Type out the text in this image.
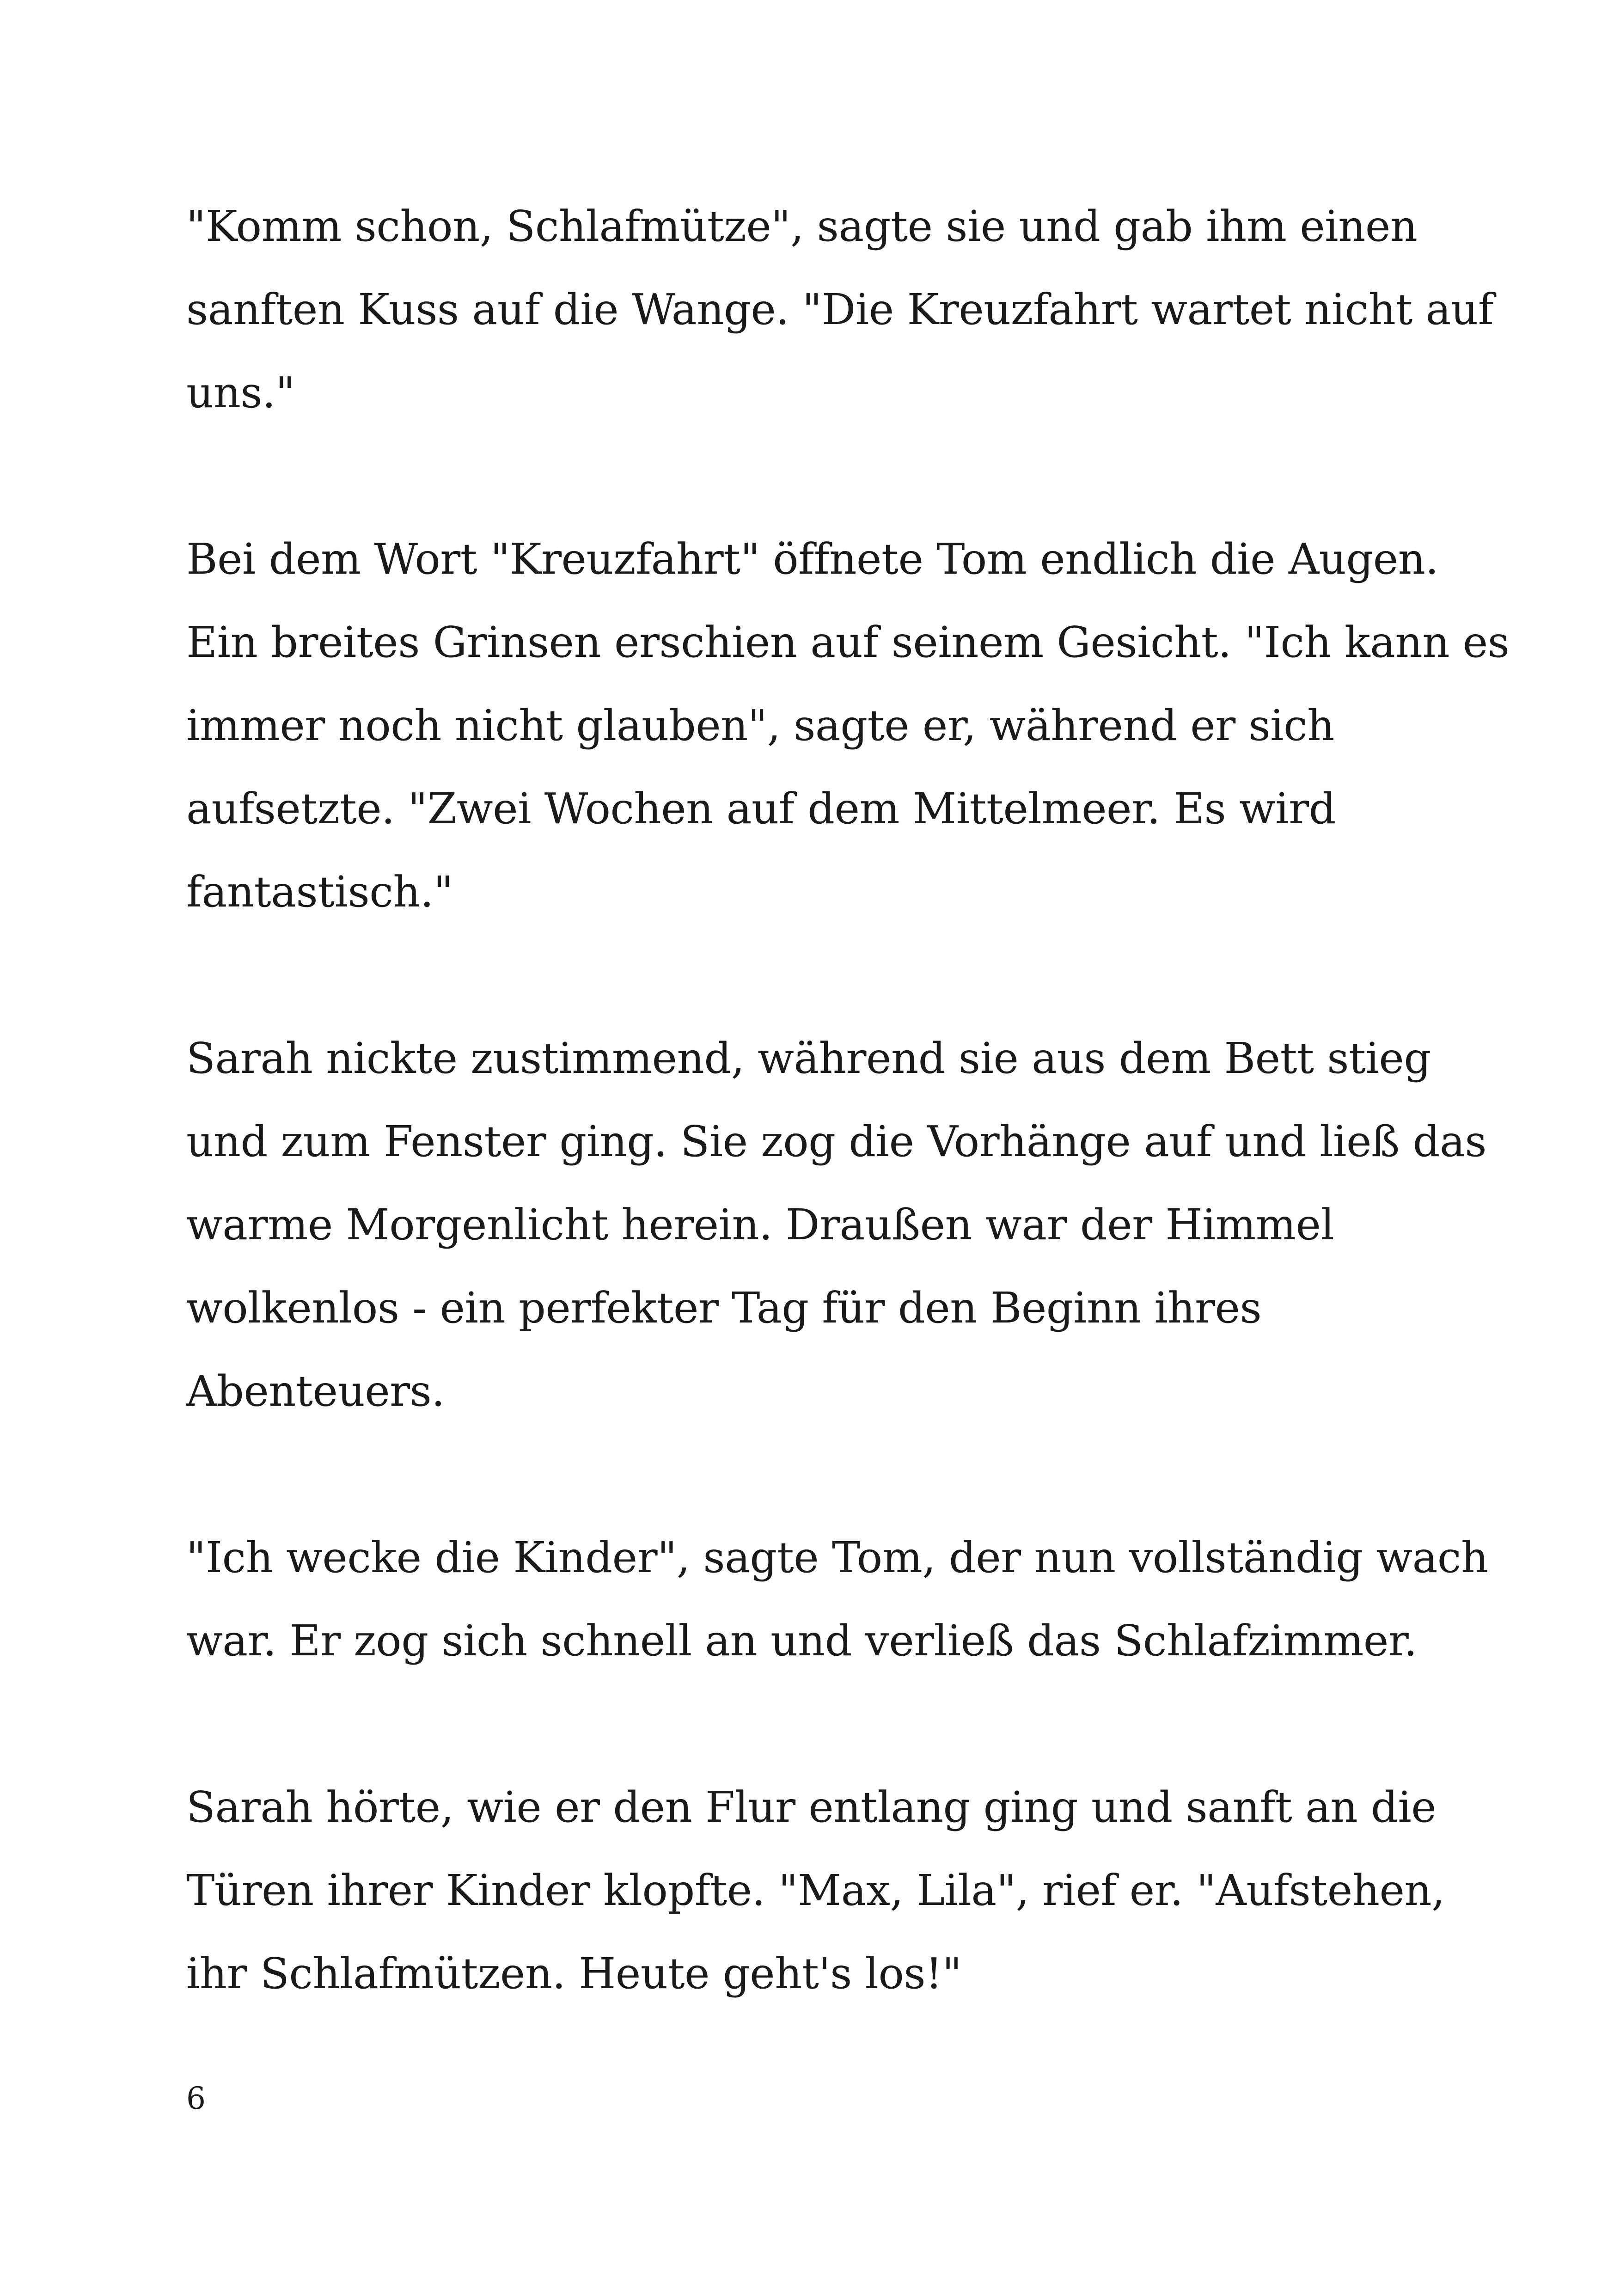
"Komm schon, Schlafmütze", sagte sie und gab ihm einen
sanften Kuss auf die Wange. "Die Kreuzfahrt wartet nicht auf
uns."

Bei dem Wort "Kreuzfahrt" öffnete Tom endlich die Augen.
Ein breites Grinsen erschien auf seinem Gesicht. "Ich kann es
immer noch nicht glauben", sagte er, während er sich
aufsetzte. "Zwei Wochen auf dem Mittelmeer. Es wird
fantastisch."

Sarah nickte zustimmend, während sie aus dem Bett stieg
und zum Fenster ging. Sie zog die Vorhänge auf und ließ das
warme Morgenlicht herein. Draußen war der Himmel
wolkenlos - ein perfekter Tag für den Beginn ihres
Abenteuers.

"Ich wecke die Kinder", sagte Tom, der nun vollständig wach
war. Er zog sich schnell an und verließ das Schlafzimmer.

Sarah hörte, wie er den Flur entlang ging und sanft an die
Türen ihrer Kinder klopfte. "Max, Lila", rief er. "Aufstehen,
ihr Schlafmützen. Heute geht's los!"

6
